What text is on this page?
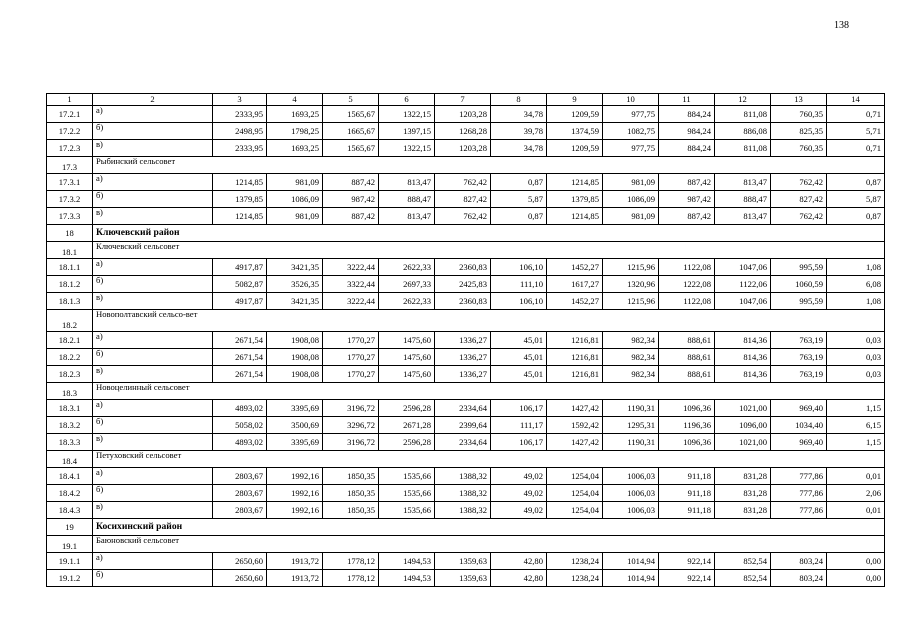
138
1	2	3	4	5	6	7	8	9	10	11	12	13	14
17.2.1	а)	2333,95	1693,25	1565,67	1322,15	1203,28	34,78	1209,59	977,75	884,24	811,08	760,35	0,71
17.2.2	б)	2498,95	1798,25	1665,67	1397,15	1268,28	39,78	1374,59	1082,75	984,24	886,08	825,35	5,71
17.2.3	в)	2333,95	1693,25	1565,67	1322,15	1203,28	34,78	1209,59	977,75	884,24	811,08	760,35	0,71
17.3	Рыбинский сельсовет												
17.3.1	а)	1214,85	981,09	887,42	813,47	762,42	0,87	1214,85	981,09	887,42	813,47	762,42	0,87
17.3.2	б)	1379,85	1086,09	987,42	888,47	827,42	5,87	1379,85	1086,09	987,42	888,47	827,42	5,87
17.3.3	в)	1214,85	981,09	887,42	813,47	762,42	0,87	1214,85	981,09	887,42	813,47	762,42	0,87
18	Ключевский район												
18.1	Ключевский сельсовет												
18.1.1	а)	4917,87	3421,35	3222,44	2622,33	2360,83	106,10	1452,27	1215,96	1122,08	1047,06	995,59	1,08
18.1.2	б)	5082,87	3526,35	3322,44	2697,33	2425,83	111,10	1617,27	1320,96	1222,08	1122,06	1060,59	6,08
18.1.3	в)	4917,87	3421,35	3222,44	2622,33	2360,83	106,10	1452,27	1215,96	1122,08	1047,06	995,59	1,08
18.2	Новополтавский сельсо-вет												
18.2.1	а)	2671,54	1908,08	1770,27	1475,60	1336,27	45,01	1216,81	982,34	888,61	814,36	763,19	0,03
18.2.2	б)	2671,54	1908,08	1770,27	1475,60	1336,27	45,01	1216,81	982,34	888,61	814,36	763,19	0,03
18.2.3	в)	2671,54	1908,08	1770,27	1475,60	1336,27	45,01	1216,81	982,34	888,61	814,36	763,19	0,03
18.3	Новоцелинный сельсовет												
18.3.1	а)	4893,02	3395,69	3196,72	2596,28	2334,64	106,17	1427,42	1190,31	1096,36	1021,00	969,40	1,15
18.3.2	б)	5058,02	3500,69	3296,72	2671,28	2399,64	111,17	1592,42	1295,31	1196,36	1096,00	1034,40	6,15
18.3.3	в)	4893,02	3395,69	3196,72	2596,28	2334,64	106,17	1427,42	1190,31	1096,36	1021,00	969,40	1,15
18.4	Петуховский сельсовет												
18.4.1	а)	2803,67	1992,16	1850,35	1535,66	1388,32	49,02	1254,04	1006,03	911,18	831,28	777,86	0,01
18.4.2	б)	2803,67	1992,16	1850,35	1535,66	1388,32	49,02	1254,04	1006,03	911,18	831,28	777,86	2,06
18.4.3	в)	2803,67	1992,16	1850,35	1535,66	1388,32	49,02	1254,04	1006,03	911,18	831,28	777,86	0,01
19	Косихинский район												
19.1	Баюновский сельсовет												
19.1.1	а)	2650,60	1913,72	1778,12	1494,53	1359,63	42,80	1238,24	1014,94	922,14	852,54	803,24	0,00
19.1.2	б)	2650,60	1913,72	1778,12	1494,53	1359,63	42,80	1238,24	1014,94	922,14	852,54	803,24	0,00
